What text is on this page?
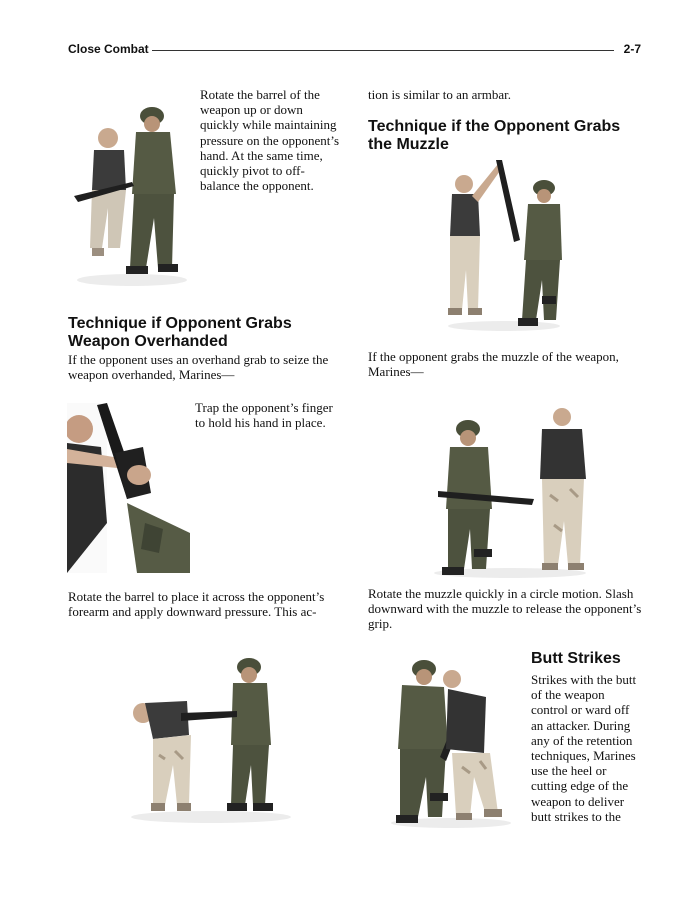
Close Combat	2-7

Rotate the barrel of the weapon up or down quickly while maintaining pressure on the opponent’s hand. At the same time, quickly pivot to off-balance the opponent.

Technique if Opponent Grabs Weapon Overhanded

If the opponent uses an overhand grab to seize the weapon overhanded, Marines—

Trap the opponent’s finger to hold his hand in place.

Rotate the barrel to place it across the opponent’s forearm and apply downward pressure. This ac-

tion is similar to an armbar.

Technique if the Opponent Grabs the Muzzle

If the opponent grabs the muzzle of the weapon, Marines—

Rotate the muzzle quickly in a circle motion. Slash downward with the muzzle to release the opponent’s grip.

Butt Strikes

Strikes with the butt of the weapon control or ward off an attacker. During any of the retention techniques, Marines use the heel or cutting edge of the weapon to deliver butt strikes to the
